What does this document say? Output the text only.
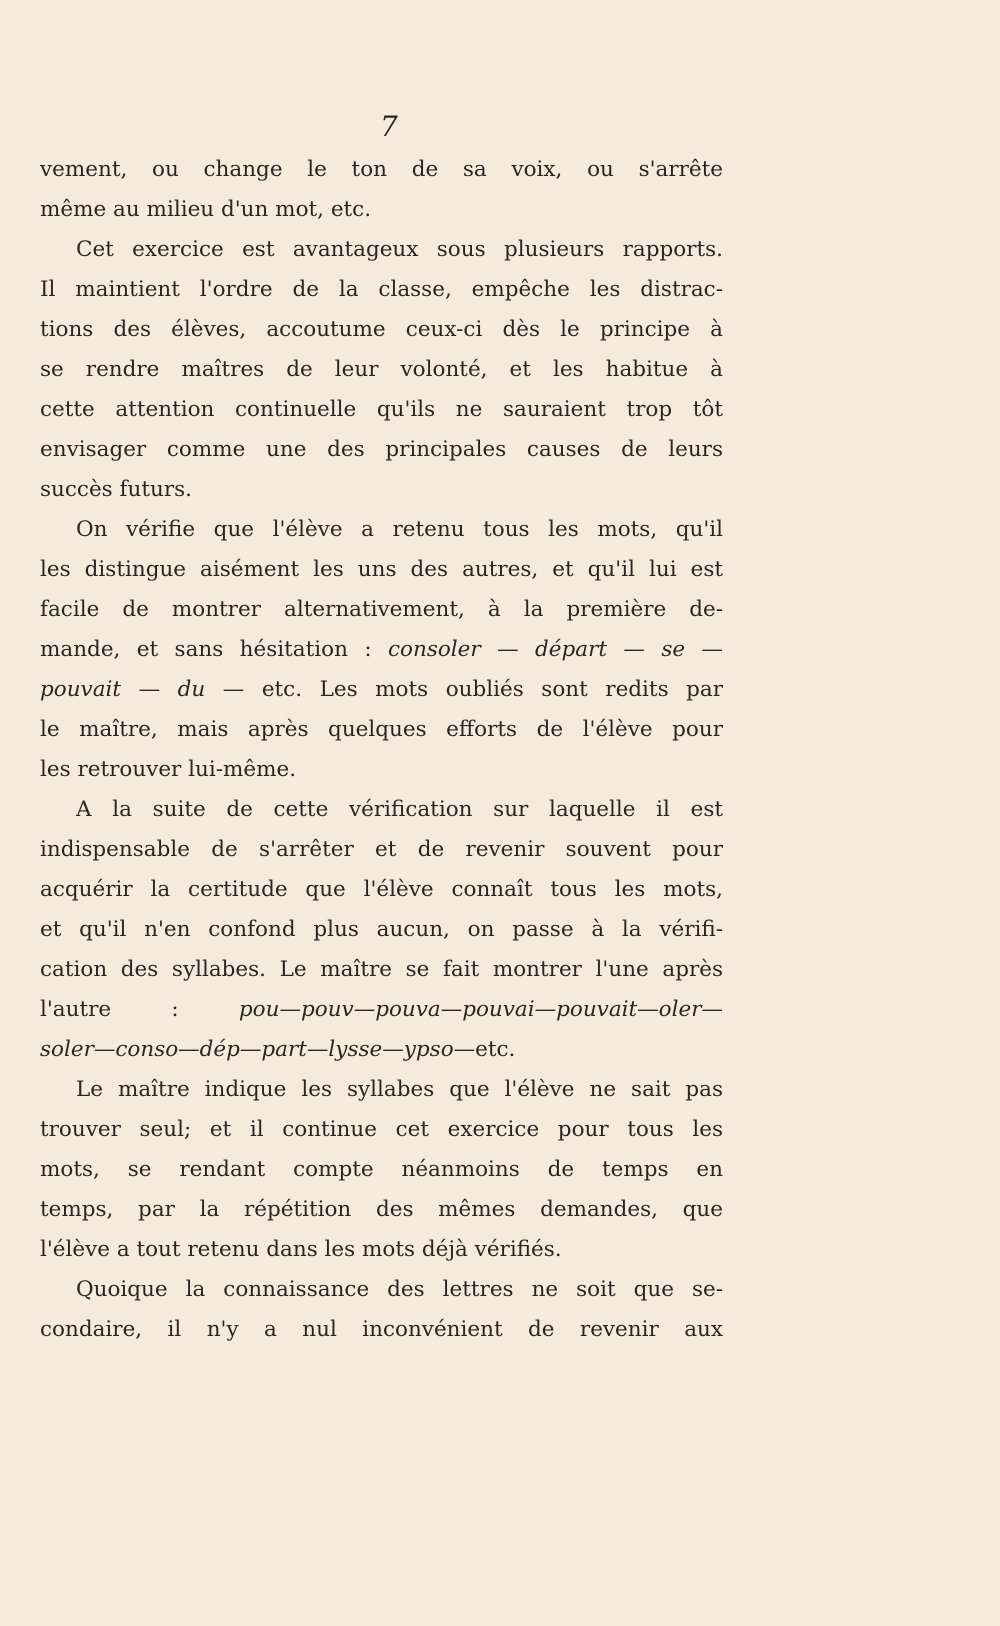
7
vement, ou change le ton de sa voix, ou s'arrête
même au milieu d'un mot, etc.
Cet exercice est avantageux sous plusieurs rapports.
Il maintient l'ordre de la classe, empêche les distrac-
tions des élèves, accoutume ceux-ci dès le principe à
se rendre maîtres de leur volonté, et les habitue à
cette attention continuelle qu'ils ne sauraient trop tôt
envisager comme une des principales causes de leurs
succès futurs.
On vérifie que l'élève a retenu tous les mots, qu'il
les distingue aisément les uns des autres, et qu'il lui est
facile de montrer alternativement, à la première de-
mande, et sans hésitation : consoler — départ — se —
pouvait — du — etc. Les mots oubliés sont redits par
le maître, mais après quelques efforts de l'élève pour
les retrouver lui-même.
A la suite de cette vérification sur laquelle il est
indispensable de s'arrêter et de revenir souvent pour
acquérir la certitude que l'élève connaît tous les mots,
et qu'il n'en confond plus aucun, on passe à la vérifi-
cation des syllabes. Le maître se fait montrer l'une après
l'autre : pou—pouv—pouva—pouvai—pouvait—oler—
soler—conso—dép—part—lysse—ypso—etc.
Le maître indique les syllabes que l'élève ne sait pas
trouver seul; et il continue cet exercice pour tous les
mots, se rendant compte néanmoins de temps en
temps, par la répétition des mêmes demandes, que
l'élève a tout retenu dans les mots déjà vérifiés.
Quoique la connaissance des lettres ne soit que se-
condaire, il n'y a nul inconvénient de revenir aux
